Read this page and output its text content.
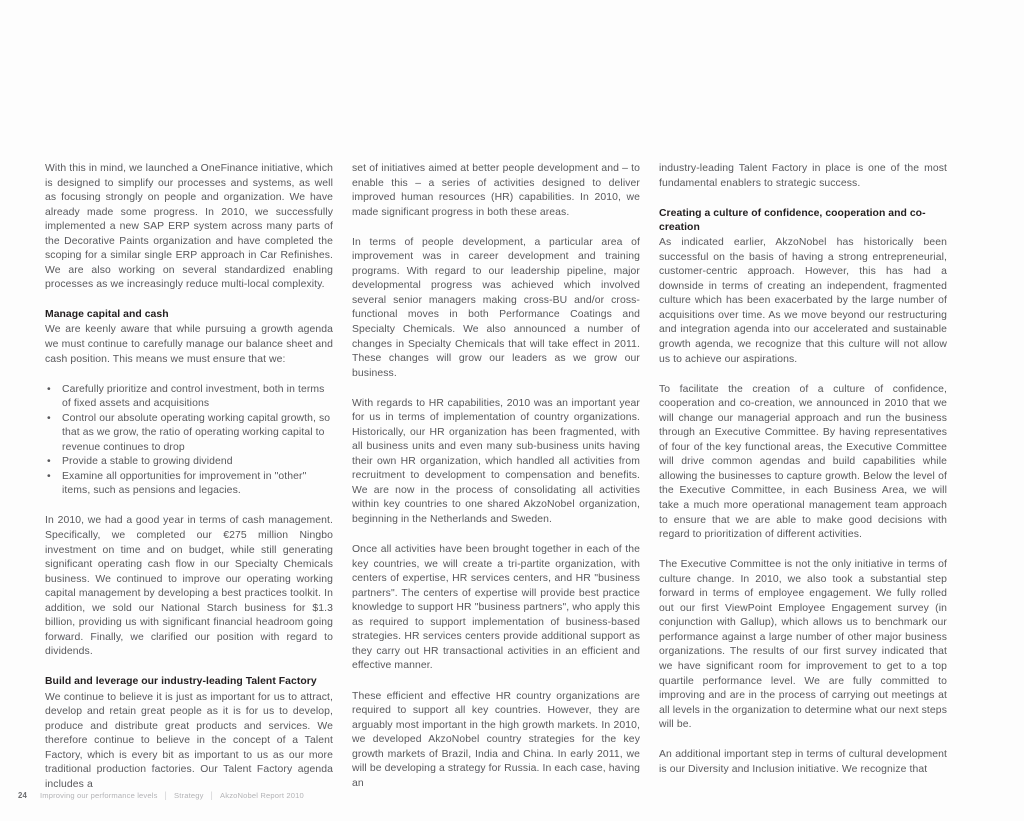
With this in mind, we launched a OneFinance initiative, which is designed to simplify our processes and systems, as well as focusing strongly on people and organization. We have already made some progress. In 2010, we successfully implemented a new SAP ERP system across many parts of the Decorative Paints organization and have completed the scoping for a similar single ERP approach in Car Refinishes. We are also working on several standardized enabling processes as we increasingly reduce multi-local complexity.

Manage capital and cash

We are keenly aware that while pursuing a growth agenda we must continue to carefully manage our balance sheet and cash position. This means we must ensure that we:

• Carefully prioritize and control investment, both in terms of fixed assets and acquisitions
• Control our absolute operating working capital growth, so that as we grow, the ratio of operating working capital to revenue continues to drop
• Provide a stable to growing dividend
• Examine all opportunities for improvement in "other" items, such as pensions and legacies.

In 2010, we had a good year in terms of cash management. Specifically, we completed our €275 million Ningbo investment on time and on budget, while still generating significant operating cash flow in our Specialty Chemicals business. We continued to improve our operating working capital management by developing a best practices toolkit. In addition, we sold our National Starch business for $1.3 billion, providing us with significant financial headroom going forward. Finally, we clarified our position with regard to dividends.

Build and leverage our industry-leading Talent Factory

We continue to believe it is just as important for us to attract, develop and retain great people as it is for us to develop, produce and distribute great products and services. We therefore continue to believe in the concept of a Talent Factory, which is every bit as important to us as our more traditional production factories. Our Talent Factory agenda includes a

set of initiatives aimed at better people development and – to enable this – a series of activities designed to deliver improved human resources (HR) capabilities. In 2010, we made significant progress in both these areas.

In terms of people development, a particular area of improvement was in career development and training programs. With regard to our leadership pipeline, major developmental progress was achieved which involved several senior managers making cross-BU and/or cross-functional moves in both Performance Coatings and Specialty Chemicals. We also announced a number of changes in Specialty Chemicals that will take effect in 2011. These changes will grow our leaders as we grow our business.

With regards to HR capabilities, 2010 was an important year for us in terms of implementation of country organizations. Historically, our HR organization has been fragmented, with all business units and even many sub-business units having their own HR organization, which handled all activities from recruitment to development to compensation and benefits. We are now in the process of consolidating all activities within key countries to one shared AkzoNobel organization, beginning in the Netherlands and Sweden.

Once all activities have been brought together in each of the key countries, we will create a tri-partite organization, with centers of expertise, HR services centers, and HR "business partners". The centers of expertise will provide best practice knowledge to support HR "business partners", who apply this as required to support implementation of business-based strategies. HR services centers provide additional support as they carry out HR transactional activities in an efficient and effective manner.

These efficient and effective HR country organizations are required to support all key countries. However, they are arguably most important in the high growth markets. In 2010, we developed AkzoNobel country strategies for the key growth markets of Brazil, India and China. In early 2011, we will be developing a strategy for Russia. In each case, having an

industry-leading Talent Factory in place is one of the most fundamental enablers to strategic success.

Creating a culture of confidence, cooperation and co-creation

As indicated earlier, AkzoNobel has historically been successful on the basis of having a strong entrepreneurial, customer-centric approach. However, this has had a downside in terms of creating an independent, fragmented culture which has been exacerbated by the large number of acquisitions over time. As we move beyond our restructuring and integration agenda into our accelerated and sustainable growth agenda, we recognize that this culture will not allow us to achieve our aspirations.

To facilitate the creation of a culture of confidence, cooperation and co-creation, we announced in 2010 that we will change our managerial approach and run the business through an Executive Committee. By having representatives of four of the key functional areas, the Executive Committee will drive common agendas and build capabilities while allowing the businesses to capture growth. Below the level of the Executive Committee, in each Business Area, we will take a much more operational management team approach to ensure that we are able to make good decisions with regard to prioritization of different activities.

The Executive Committee is not the only initiative in terms of culture change. In 2010, we also took a substantial step forward in terms of employee engagement. We fully rolled out our first ViewPoint Employee Engagement survey (in conjunction with Gallup), which allows us to benchmark our performance against a large number of other major business organizations. The results of our first survey indicated that we have significant room for improvement to get to a top quartile performance level. We are fully committed to improving and are in the process of carrying out meetings at all levels in the organization to determine what our next steps will be.

An additional important step in terms of cultural development is our Diversity and Inclusion initiative. We recognize that

24 Improving our performance levels | Strategy | AkzoNobel Report 2010
